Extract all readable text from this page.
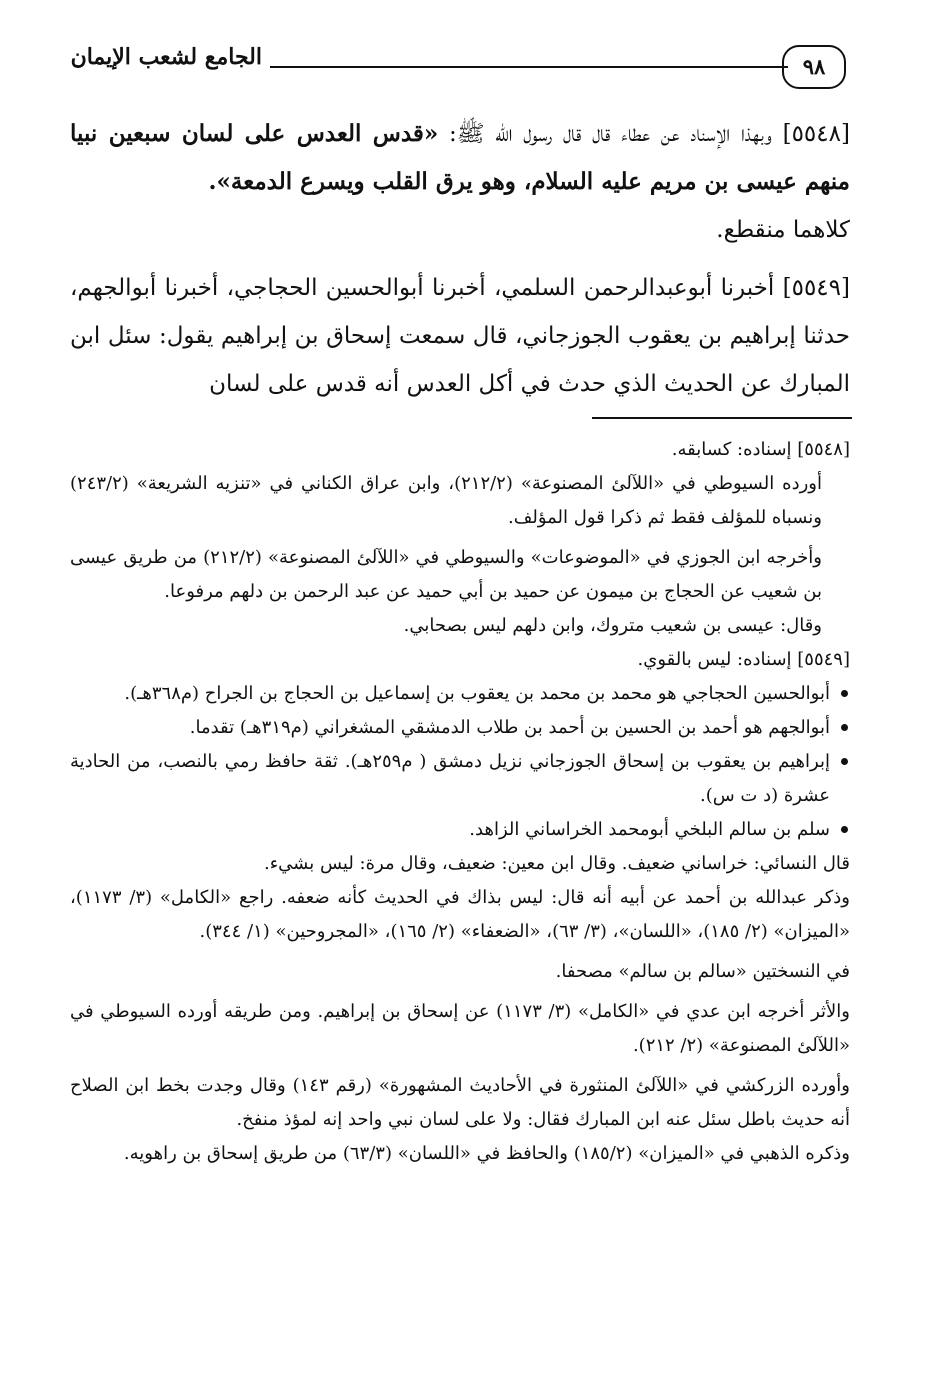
الجامع لشعب الإيمان	٩٨

[٥٥٤٨] وبهذا الإسناد عن عطاء قال قال رسول الله ﷺ: «قدس العدس على لسان سبعين نبيا منهم عيسى بن مريم عليه السلام، وهو يرق القلب ويسرع الدمعة».

كلاهما منقطع.

[٥٥٤٩] أخبرنا أبوعبدالرحمن السلمي، أخبرنا أبوالحسين الحجاجي، أخبرنا أبوالجهم، حدثنا إبراهيم بن يعقوب الجوزجاني، قال سمعت إسحاق بن إبراهيم يقول: سئل ابن المبارك عن الحديث الذي حدث في أكل العدس أنه قدس على لسان

[٥٥٤٨] إسناده: كسابقه.

أورده السيوطي في «اللآلئ المصنوعة» (٢١٢/٢)، وابن عراق الكناني في «تنزيه الشريعة» (٢٤٣/٢) ونسباه للمؤلف فقط ثم ذكرا قول المؤلف.

وأخرجه ابن الجوزي في «الموضوعات» والسيوطي في «اللآلئ المصنوعة» (٢١٢/٢) من طريق عيسى بن شعيب عن الحجاج بن ميمون عن حميد بن أبي حميد عن عبد الرحمن بن دلهم مرفوعا.

وقال: عيسى بن شعيب متروك، وابن دلهم ليس بصحابي.

[٥٥٤٩] إسناده: ليس بالقوي.

أبوالحسين الحجاجي هو محمد بن محمد بن يعقوب بن إسماعيل بن الحجاج بن الجراح (م٣٦٨هـ).
أبوالجهم هو أحمد بن الحسين بن أحمد بن طلاب الدمشقي المشغراني (م٣١٩هـ) تقدما.
إبراهيم بن يعقوب بن إسحاق الجوزجاني نزيل دمشق ( م٢٥٩هـ). ثقة حافظ رمي بالنصب، من الحادية عشرة (د ت س).
سلم بن سالم البلخي أبومحمد الخراساني الزاهد.

قال النسائي: خراساني ضعيف. وقال ابن معين: ضعيف، وقال مرة: ليس بشيء.

وذكر عبدالله بن أحمد عن أبيه أنه قال: ليس بذاك في الحديث كأنه ضعفه. راجع «الكامل» (٣/ ١١٧٣)، «الميزان» (٢/ ١٨٥)، «اللسان»، (٣/ ٦٣)، «الضعفاء» (٢/ ١٦٥)، «المجروحين» (١/ ٣٤٤).

في النسختين «سالم بن سالم» مصحفا.

والأثر أخرجه ابن عدي في «الكامل» (٣/ ١١٧٣) عن إسحاق بن إبراهيم. ومن طريقه أورده السيوطي في «اللآلئ المصنوعة» (٢/ ٢١٢).

وأورده الزركشي في «اللآلئ المنثورة في الأحاديث المشهورة» (رقم ١٤٣) وقال وجدت بخط ابن الصلاح أنه حديث باطل سئل عنه ابن المبارك فقال: ولا على لسان نبي واحد إنه لمؤذ منفخ.

وذكره الذهبي في «الميزان» (١٨٥/٢) والحافظ في «اللسان» (٦٣/٣) من طريق إسحاق بن راهويه.
